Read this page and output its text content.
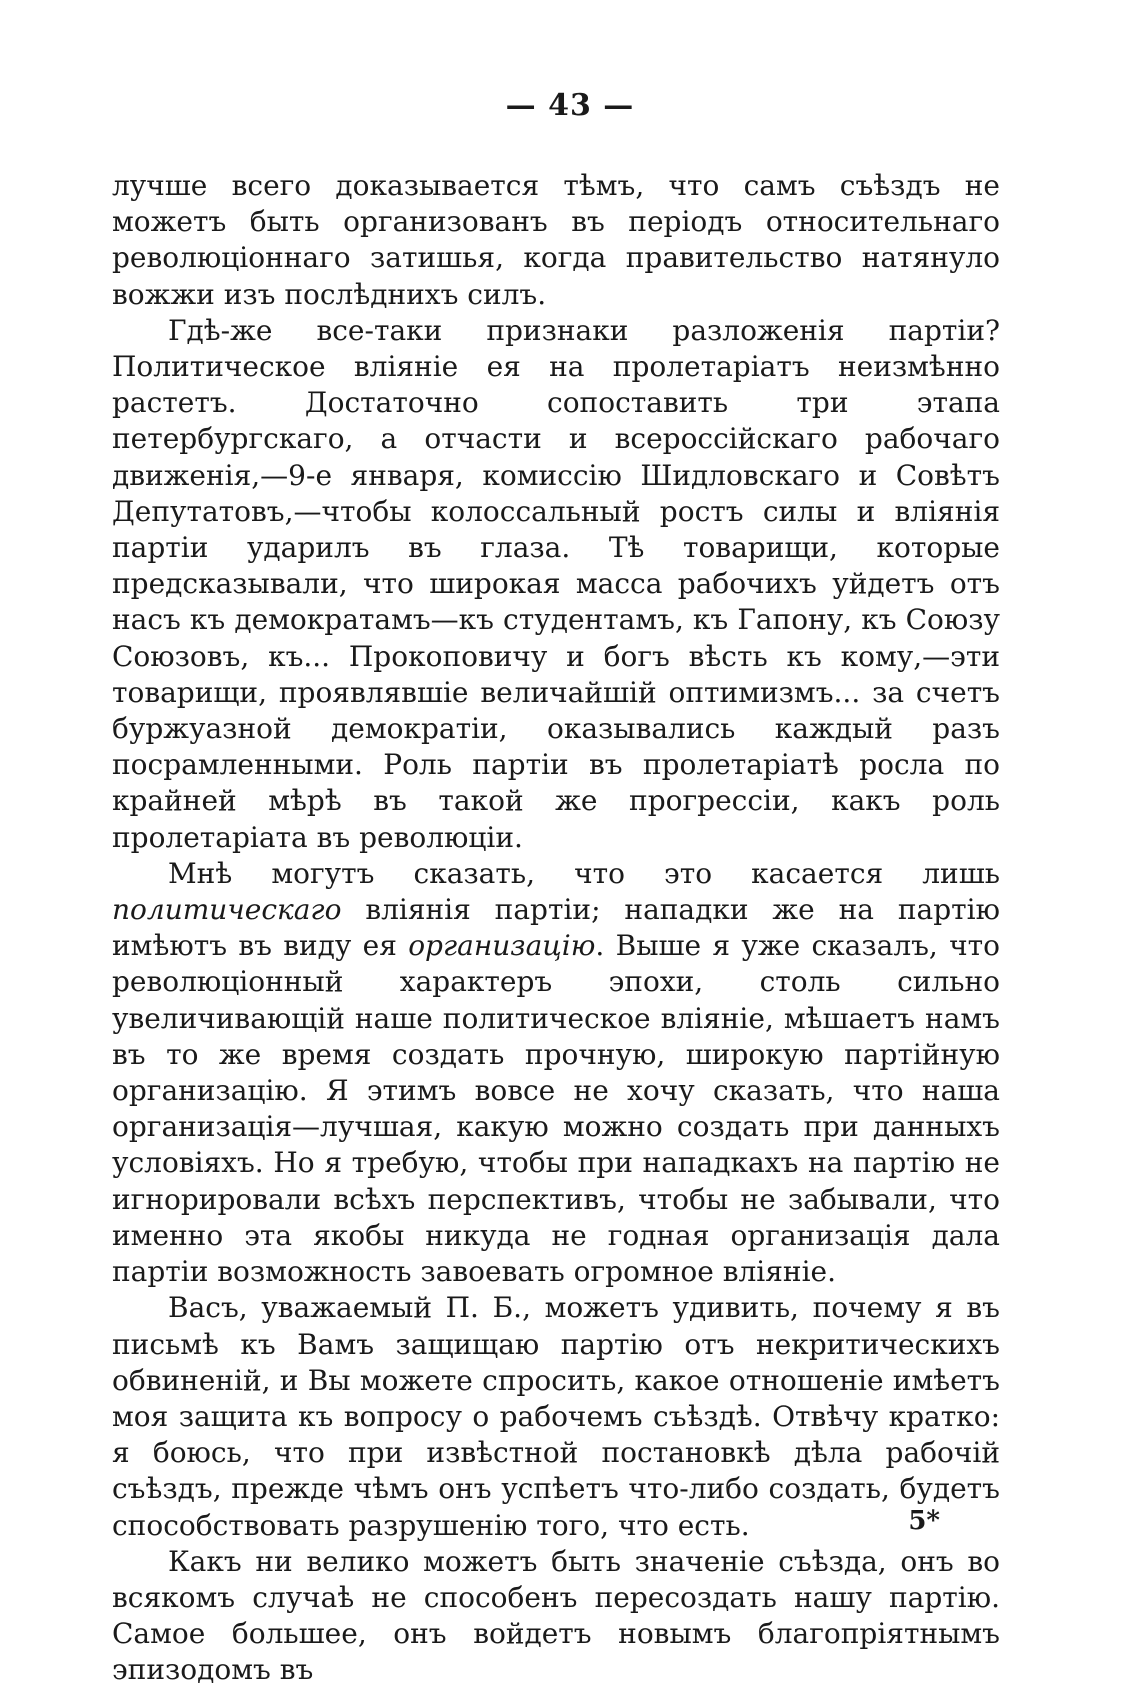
— 43 —

лучше всего доказывается тѣмъ, что самъ съѣздъ не можетъ быть организованъ въ періодъ относительнаго революціоннаго затишья, когда правительство натянуло вожжи изъ послѣднихъ силъ.

Гдѣ-же все-таки признаки разложенія партіи? Политическое вліяніе ея на пролетаріатъ неизмѣнно растетъ. Достаточно сопоставить три этапа петербургскаго, а отчасти и всероссійскаго рабочаго движенія,—9-е января, комиссію Шидловскаго и Совѣтъ Депутатовъ,—чтобы колоссальный ростъ силы и вліянія партіи ударилъ въ глаза. Тѣ товарищи, которые предсказывали, что широкая масса рабочихъ уйдетъ отъ насъ къ демократамъ—къ студентамъ, къ Гапону, къ Союзу Союзовъ, къ... Прокоповичу и богъ вѣсть къ кому,—эти товарищи, проявлявшіе величайшій оптимизмъ... за счетъ буржуазной демократіи, оказывались каждый разъ посрамленными. Роль партіи въ пролетаріатѣ росла по крайней мѣрѣ въ такой же прогрессіи, какъ роль пролетаріата въ революціи.

Мнѣ могутъ сказать, что это касается лишь политическаго вліянія партіи; нападки же на партію имѣютъ въ виду ея организацію. Выше я уже сказалъ, что революціонный характеръ эпохи, столь сильно увеличивающій наше политическое вліяніе, мѣшаетъ намъ въ то же время создать прочную, широкую партійную организацію. Я этимъ вовсе не хочу сказать, что наша организація—лучшая, какую можно создать при данныхъ условіяхъ. Но я требую, чтобы при нападкахъ на партію не игнорировали всѣхъ перспективъ, чтобы не забывали, что именно эта якобы никуда не годная организація дала партіи возможность завоевать огромное вліяніе.

Васъ, уважаемый П. Б., можетъ удивить, почему я въ письмѣ къ Вамъ защищаю партію отъ некритическихъ обвиненій, и Вы можете спросить, какое отношеніе имѣетъ моя защита къ вопросу о рабочемъ съѣздѣ. Отвѣчу кратко: я боюсь, что при извѣстной постановкѣ дѣла рабочій съѣздъ, прежде чѣмъ онъ успѣетъ что-либо создать, будетъ способствовать разрушенію того, что есть.

Какъ ни велико можетъ быть значеніе съѣзда, онъ во всякомъ случаѣ не способенъ пересоздать нашу партію. Самое большее, онъ войдетъ новымъ благопріятнымъ эпизодомъ въ

5*
